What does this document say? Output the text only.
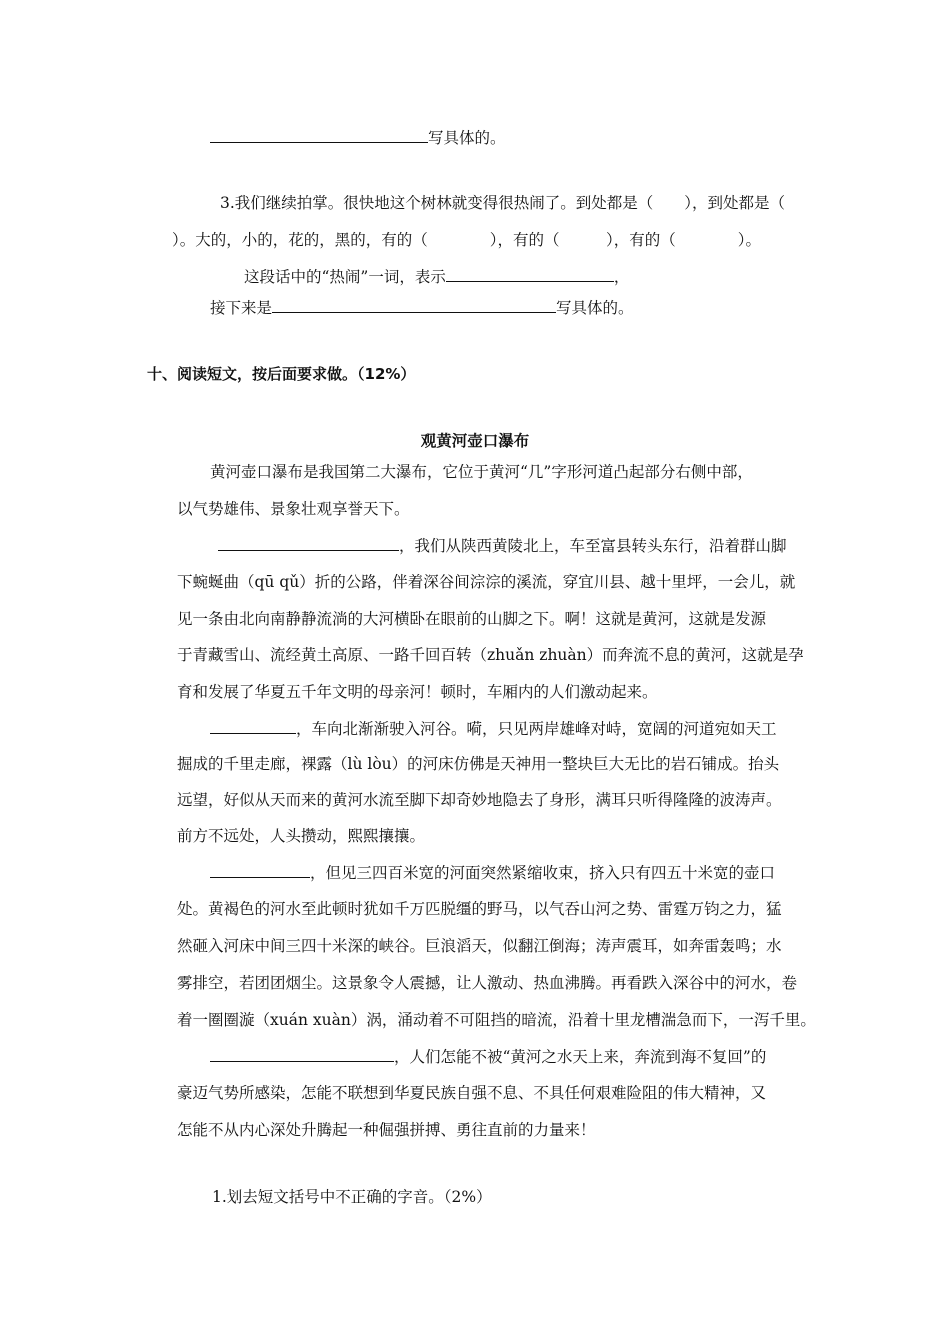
写具体的。
3.我们继续拍掌。很快地这个树林就变得很热闹了。到处都是（　　），到处都是（
）。大的，小的，花的，黑的，有的（　　　　），有的（　　　），有的（　　　　）。
这段话中的“热闹”一词，表示	，
接下来是	写具体的。
十、阅读短文，按后面要求做。（12%）
观黄河壶口瀑布
黄河壶口瀑布是我国第二大瀑布，它位于黄河“几”字形河道凸起部分右侧中部，
以气势雄伟、景象壮观享誉天下。
，我们从陕西黄陵北上，车至富县转头东行，沿着群山脚
下蜿蜒曲（qū qǔ）折的公路，伴着深谷间淙淙的溪流，穿宜川县、越十里坪，一会儿，就
见一条由北向南静静流淌的大河横卧在眼前的山脚之下。啊！这就是黄河，这就是发源
于青藏雪山、流经黄土高原、一路千回百转（zhuǎn zhuàn）而奔流不息的黄河，这就是孕
育和发展了华夏五千年文明的母亲河！顿时，车厢内的人们激动起来。
，车向北渐渐驶入河谷。嗬，只见两岸雄峰对峙，宽阔的河道宛如天工
掘成的千里走廊，裸露（lù lòu）的河床仿佛是天神用一整块巨大无比的岩石铺成。抬头
远望，好似从天而来的黄河水流至脚下却奇妙地隐去了身形，满耳只听得隆隆的波涛声。
前方不远处，人头攒动，熙熙攘攘。
，但见三四百米宽的河面突然紧缩收束，挤入只有四五十米宽的壶口
处。黄褐色的河水至此顿时犹如千万匹脱缰的野马，以气吞山河之势、雷霆万钧之力，猛
然砸入河床中间三四十米深的峡谷。巨浪滔天，似翻江倒海；涛声震耳，如奔雷轰鸣；水
雾排空，若团团烟尘。这景象令人震撼，让人激动、热血沸腾。再看跌入深谷中的河水，卷
着一圈圈漩（xuán xuàn）涡，涌动着不可阻挡的暗流，沿着十里龙槽湍急而下，一泻千里。
，人们怎能不被“黄河之水天上来，奔流到海不复回”的
豪迈气势所感染，怎能不联想到华夏民族自强不息、不具任何艰难险阻的伟大精神，又
怎能不从内心深处升腾起一种倔强拼搏、勇往直前的力量来！
1.划去短文括号中不正确的字音。（2%）
